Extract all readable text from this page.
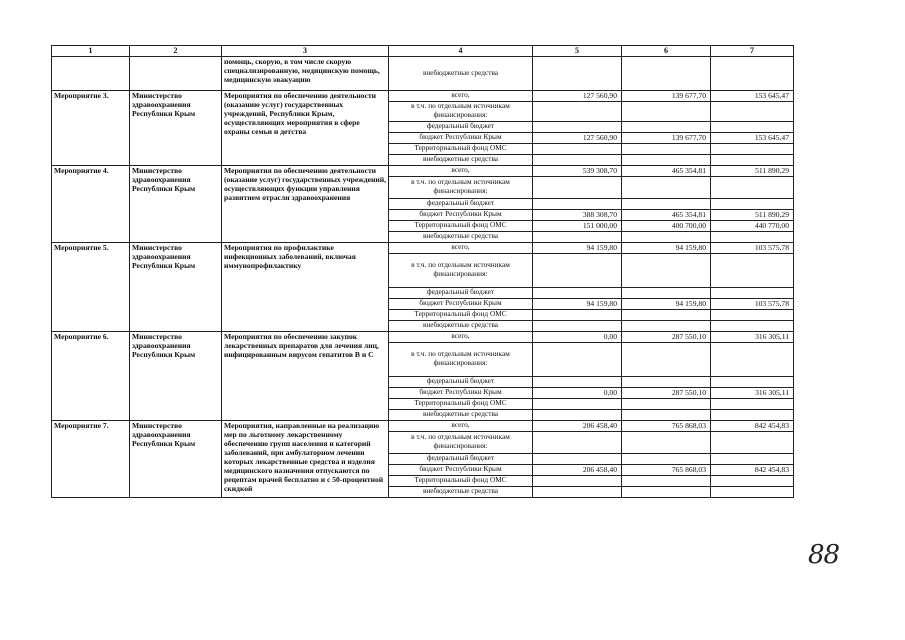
1	2	3	4	5	6	7
		помощь, скорую, в том числе скорую специализированную, медицинскую помощь, медицинскую эвакуацию	внебюджетные средства			
Мероприятие 3.	Министерство здравоохранения Республики Крым	Мероприятия по обеспечению деятельности (оказанию услуг) государственных учреждений, Республики Крым, осуществляющих мероприятия в сфере охраны семьи и детства	всего,	127 560,90	139 677,70	153 645,47
			в т.ч. по отдельным источникам финансирования:			
			федеральный бюджет			
			бюджет Республики Крым	127 560,90	139 677,70	153 645,47
			Территориальный фонд ОМС			
			внебюджетные средства			
Мероприятие 4.	Министерство здравоохранения Республики Крым	Мероприятия по обеспечению деятельности (оказание услуг) государственных учреждений, осуществляющих функции управления развитием отрасли здравоохранения	всего,	539 308,70	465 354,81	511 890,29
			в т.ч. по отдельным источникам финансирования:			
			федеральный бюджет			
			бюджет Республики Крым	388 308,70	465 354,81	511 890,29
			Территориальный фонд ОМС	151 000,00	400 700,00	440 770,00
			внебюджетные средства			
Мероприятие 5.	Министерство здравоохранения Республики Крым	Мероприятия по профилактике инфекционных заболеваний, включая иммунопрофилактику	всего,	94 159,80	94 159,80	103 575,78
			в т.ч. по отдельным источникам финансирования:			
			федеральный бюджет			
			бюджет Республики Крым	94 159,80	94 159,80	103 575,78
			Территориальный фонд ОМС			
			внебюджетные средства			
Мероприятие 6.	Министерство здравоохранения Республики Крым	Мероприятия по обеспечению закупок лекарственных препаратов для лечения лиц, инфицированным вирусом гепатитов В и С	всего,	0,00	287 550,10	316 305,11
			в т.ч. по отдельным источникам финансирования:			
			федеральный бюджет			
			бюджет Республики Крым	0,00	287 550,10	316 305,11
			Территориальный фонд ОМС			
			внебюджетные средства			
Мероприятие 7.	Министерство здравоохранения Республики Крым	Мероприятия, направленные на реализацию мер по льготному лекарственному обеспечению групп населения и категорий заболеваний, при амбулаторном лечении которых лекарственные средства и изделия медицинского назначения отпускаются по рецептам врачей бесплатно и с 50-процентной скидкой	всего,	206 458,40	765 868,03	842 454,83
			в т.ч. по отдельным источникам финансирования:			
			федеральный бюджет			
			бюджет Республики Крым	206 458,40	765 868,03	842 454,83
			Территориальный фонд ОМС			
			внебюджетные средства			
88
